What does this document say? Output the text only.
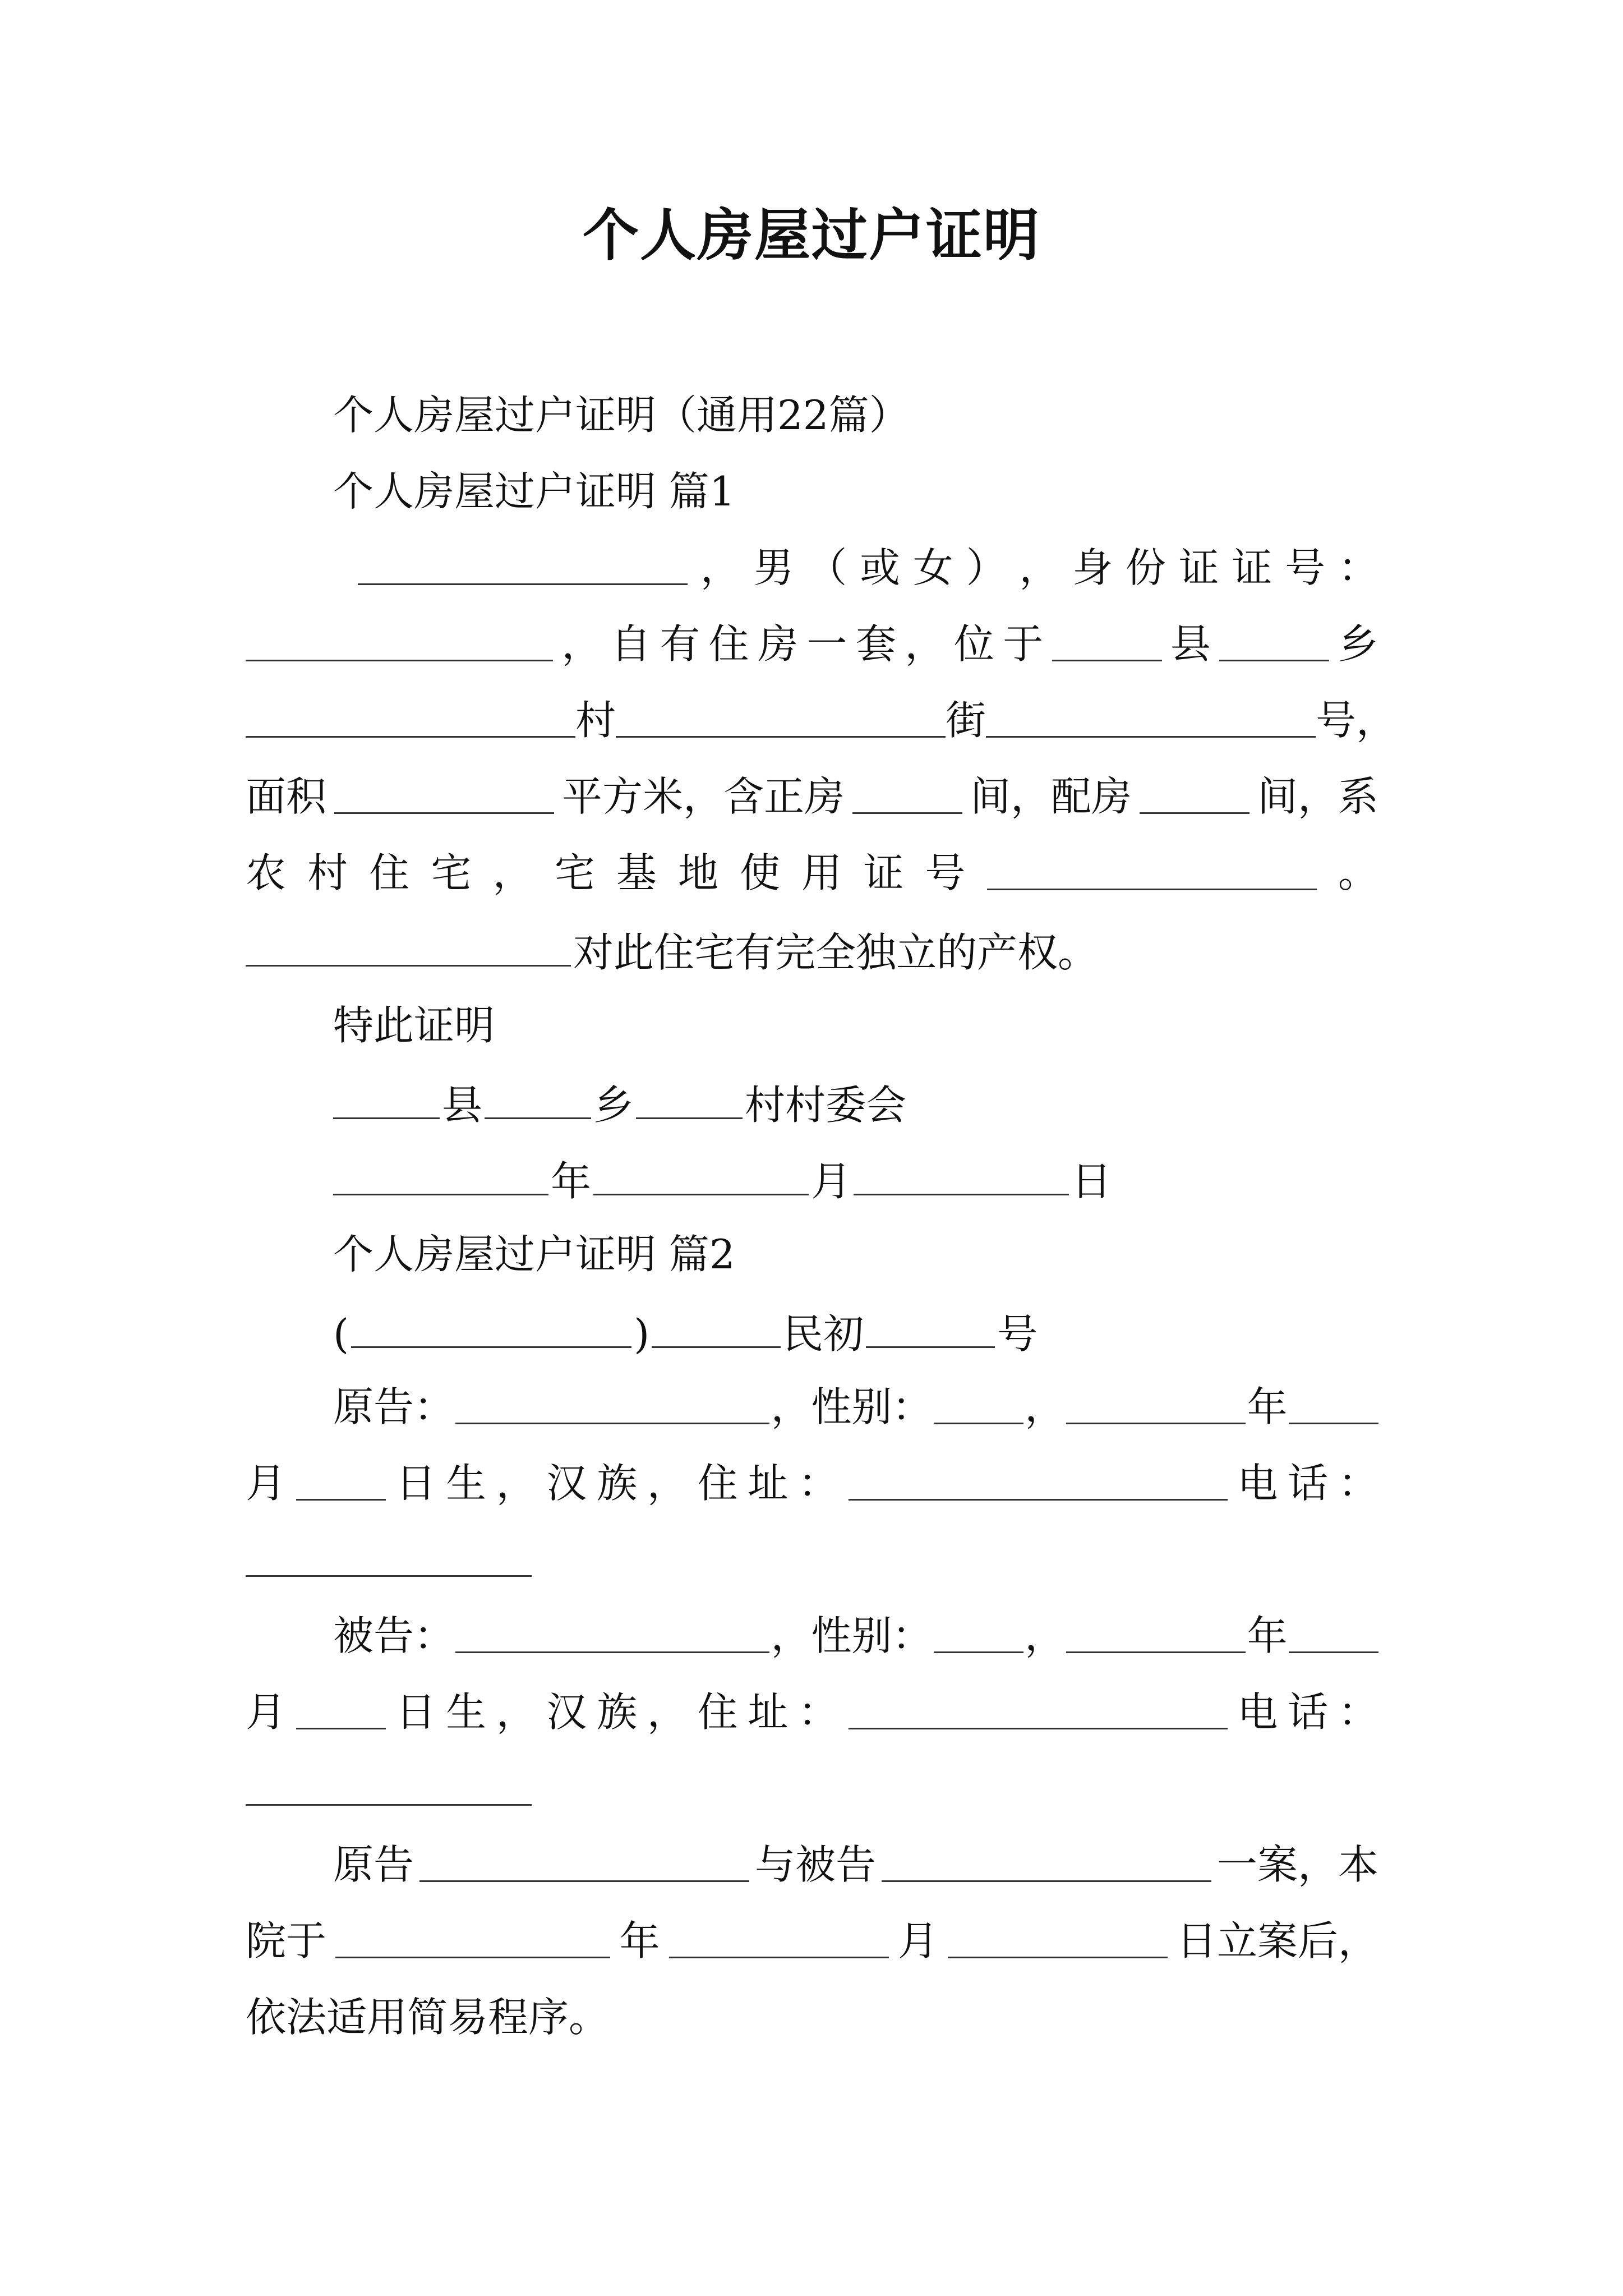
个人房屋过户证明
个人房屋过户证明（通用22篇）
个人房屋过户证明 篇1
， 男 （ 或 女 ） ， 身 份 证 证 号 ：
， 自 有 住 房 一 套 ， 位 于	县	乡
村	街	号，
面积	平方米，含正房	间，配房	间，系
农 村 住 宅 ， 宅 基 地 使 用 证 号	。
对此住宅有完全独立的产权。
特此证明
县	乡	村村委会
年	月	日
个人房屋过户证明 篇2
(	)	民初	号
原告：	，性别： ，	年
月	日 生 ， 汉 族 ， 住 址 ：	电 话 ：
被告：	，性别： ，	年
月	日 生 ， 汉 族 ， 住 址 ：	电 话 ：
原告	与被告	一案，本
院于	年	月	日立案后，
依法适用简易程序。
